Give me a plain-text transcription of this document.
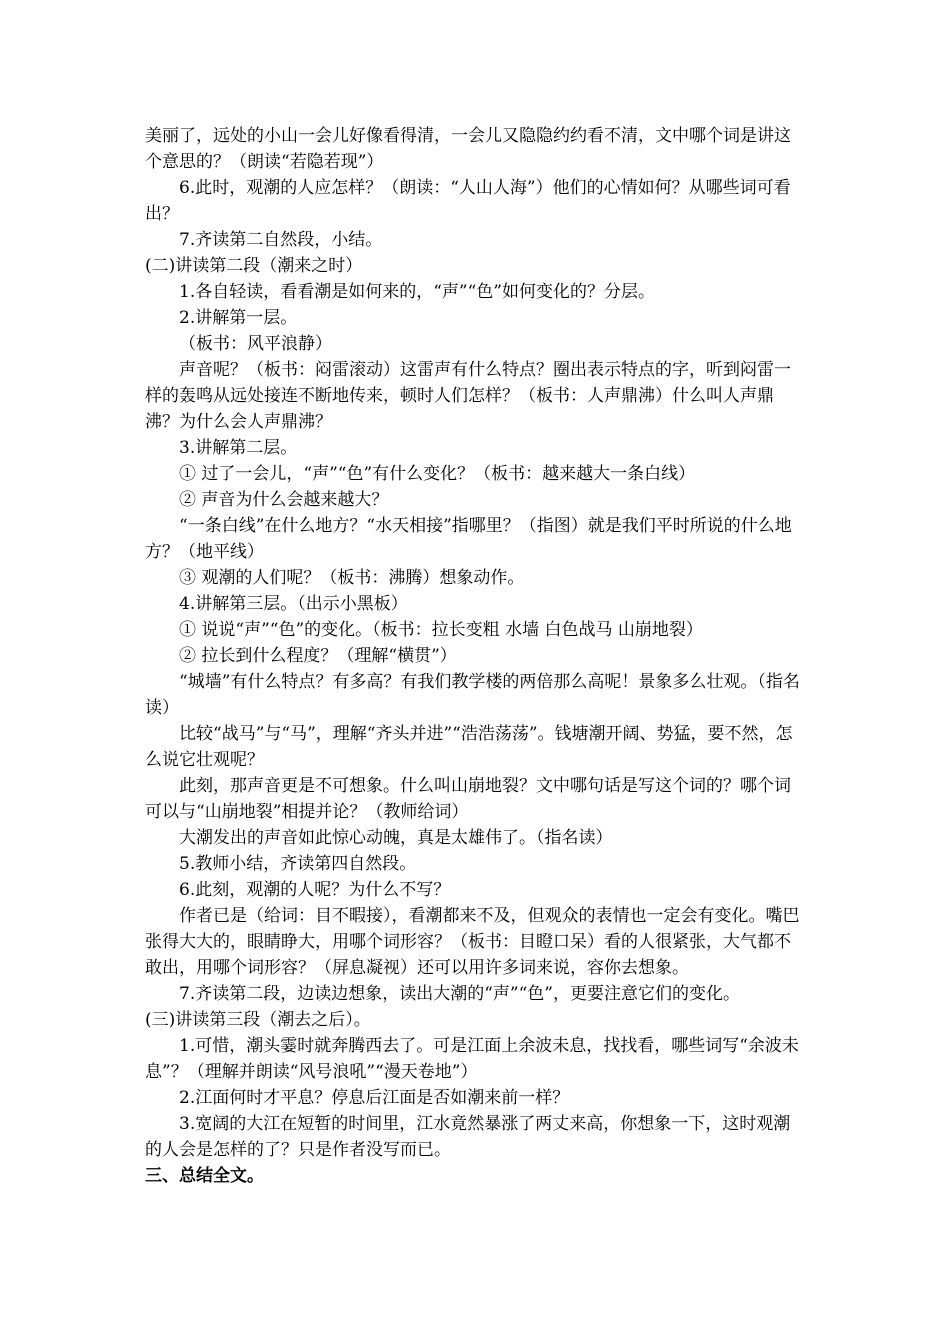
美丽了，远处的小山一会儿好像看得清，一会儿又隐隐约约看不清，文中哪个词是讲这个意思的？（朗读“若隐若现”）

6.此时，观潮的人应怎样？（朗读：“人山人海”）他们的心情如何？从哪些词可看出？

7.齐读第二自然段，小结。

(二)讲读第二段（潮来之时）

1.各自轻读，看看潮是如何来的，“声”“色”如何变化的？分层。

2.讲解第一层。

（板书：风平浪静）

声音呢？（板书：闷雷滚动）这雷声有什么特点？圈出表示特点的字，听到闷雷一样的轰鸣从远处接连不断地传来，顿时人们怎样？（板书：人声鼎沸）什么叫人声鼎沸？为什么会人声鼎沸？

3.讲解第二层。

① 过了一会儿，“声”“色”有什么变化？（板书：越来越大一条白线）

② 声音为什么会越来越大？

“一条白线”在什么地方？“水天相接”指哪里？（指图）就是我们平时所说的什么地方？（地平线）

③ 观潮的人们呢？（板书：沸腾）想象动作。

4.讲解第三层。（出示小黑板）

① 说说“声”“色”的变化。（板书：拉长变粗 水墙 白色战马 山崩地裂）

② 拉长到什么程度？（理解“横贯”）

“城墙”有什么特点？有多高？有我们教学楼的两倍那么高呢！景象多么壮观。（指名读）

比较“战马”与“马”，理解“齐头并进”“浩浩荡荡”。钱塘潮开阔、势猛，要不然，怎么说它壮观呢？

此刻，那声音更是不可想象。什么叫山崩地裂？文中哪句话是写这个词的？哪个词可以与“山崩地裂”相提并论？（教师给词）

大潮发出的声音如此惊心动魄，真是太雄伟了。（指名读）

5.教师小结，齐读第四自然段。

6.此刻，观潮的人呢？为什么不写？

作者已是（给词：目不暇接），看潮都来不及，但观众的表情也一定会有变化。嘴巴张得大大的，眼睛睁大，用哪个词形容？（板书：目瞪口呆）看的人很紧张，大气都不敢出，用哪个词形容？（屏息凝视）还可以用许多词来说，容你去想象。

7.齐读第二段，边读边想象，读出大潮的“声”“色”，更要注意它们的变化。

(三)讲读第三段（潮去之后）。

1.可惜，潮头霎时就奔腾西去了。可是江面上余波未息，找找看，哪些词写“余波未息”？（理解并朗读“风号浪吼”“漫天卷地”）

2.江面何时才平息？停息后江面是否如潮来前一样？

3.宽阔的大江在短暂的时间里，江水竟然暴涨了两丈来高，你想象一下，这时观潮的人会是怎样的了？只是作者没写而已。

三、总结全文。
